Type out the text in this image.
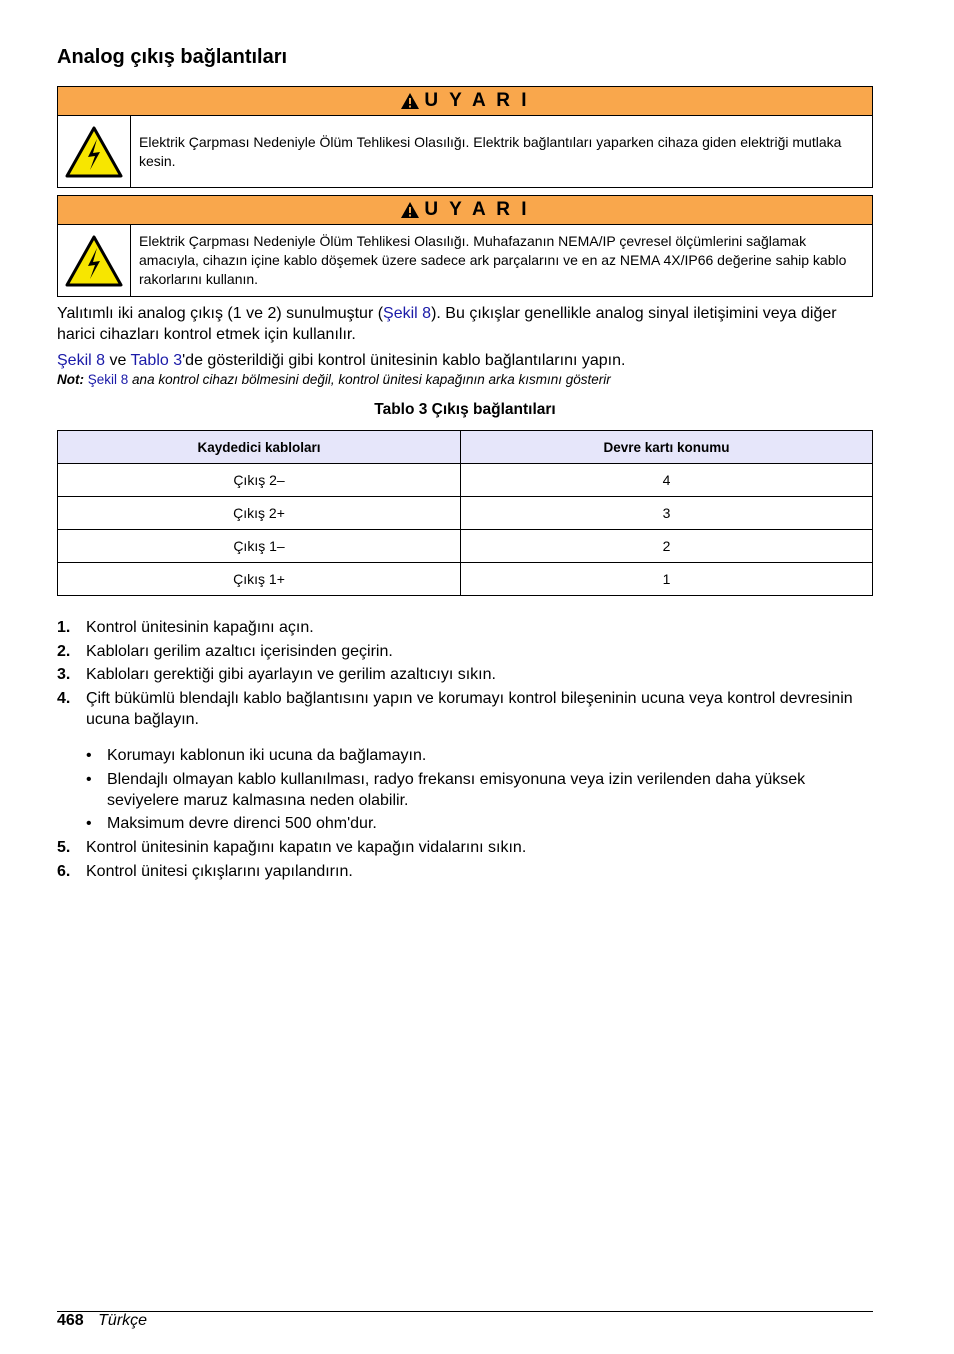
Analog çıkış bağlantıları
U Y A R I
Elektrik Çarpması Nedeniyle Ölüm Tehlikesi Olasılığı. Elektrik bağlantıları yaparken cihaza giden elektriği mutlaka kesin.
U Y A R I
Elektrik Çarpması Nedeniyle Ölüm Tehlikesi Olasılığı. Muhafazanın NEMA/IP çevresel ölçümlerini sağlamak amacıyla, cihazın içine kablo döşemek üzere sadece ark parçalarını ve en az NEMA 4X/IP66 değerine sahip kablo rakorlarını kullanın.
Yalıtımlı iki analog çıkış (1 ve 2) sunulmuştur (Şekil 8). Bu çıkışlar genellikle analog sinyal iletişimini veya diğer harici cihazları kontrol etmek için kullanılır.
Şekil 8 ve Tablo 3'de gösterildiği gibi kontrol ünitesinin kablo bağlantılarını yapın.
Not: Şekil 8 ana kontrol cihazı bölmesini değil, kontrol ünitesi kapağının arka kısmını gösterir
Tablo 3 Çıkış bağlantıları
Kaydedici kabloları	Devre kartı konumu
Çıkış 2–	4
Çıkış 2+	3
Çıkış 1–	2
Çıkış 1+	1
1. Kontrol ünitesinin kapağını açın.
2. Kabloları gerilim azaltıcı içerisinden geçirin.
3. Kabloları gerektiği gibi ayarlayın ve gerilim azaltıcıyı sıkın.
4. Çift bükümlü blendajlı kablo bağlantısını yapın ve korumayı kontrol bileşeninin ucuna veya kontrol devresinin ucuna bağlayın.
• Korumayı kablonun iki ucuna da bağlamayın.
• Blendajlı olmayan kablo kullanılması, radyo frekansı emisyonuna veya izin verilenden daha yüksek seviyelere maruz kalmasına neden olabilir.
• Maksimum devre direnci 500 ohm'dur.
5. Kontrol ünitesinin kapağını kapatın ve kapağın vidalarını sıkın.
6. Kontrol ünitesi çıkışlarını yapılandırın.
468 Türkçe
